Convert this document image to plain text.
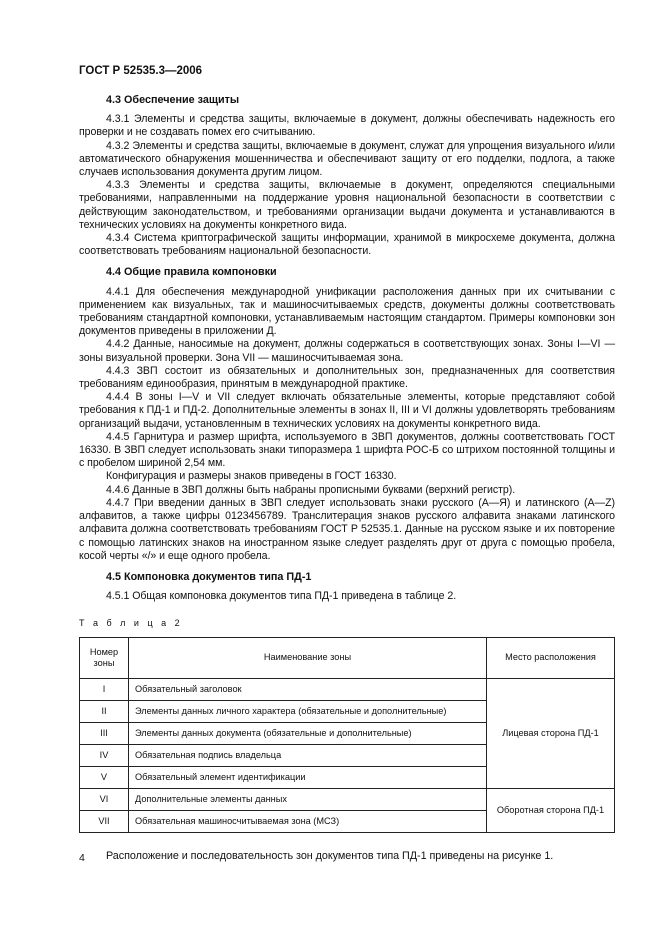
ГОСТ Р 52535.3—2006
4.3 Обеспечение защиты

4.3.1 Элементы и средства защиты, включаемые в документ, должны обеспечивать надежность его проверки и не создавать помех его считыванию.

4.3.2 Элементы и средства защиты, включаемые в документ, служат для упрощения визуального и/или автоматического обнаружения мошенничества и обеспечивают защиту от его подделки, подлога, а также случаев использования документа другим лицом.

4.3.3 Элементы и средства защиты, включаемые в документ, определяются специальными требованиями, направленными на поддержание уровня национальной безопасности в соответствии с действующим законодательством, и требованиями организации выдачи документа и устанавливаются в технических условиях на документы конкретного вида.

4.3.4 Система криптографической защиты информации, хранимой в микросхеме документа, должна соответствовать требованиям национальной безопасности.

4.4 Общие правила компоновки

4.4.1 Для обеспечения международной унификации расположения данных при их считывании с применением как визуальных, так и машиносчитываемых средств, документы должны соответствовать требованиям стандартной компоновки, устанавливаемым настоящим стандартом. Примеры компоновки зон документов приведены в приложении Д.

4.4.2 Данные, наносимые на документ, должны содержаться в соответствующих зонах. Зоны I—VI — зоны визуальной проверки. Зона VII — машиносчитываемая зона.

4.4.3 ЗВП состоит из обязательных и дополнительных зон, предназначенных для соответствия требованиям единообразия, принятым в международной практике.

4.4.4 В зоны I—V и VII следует включать обязательные элементы, которые представляют собой требования к ПД-1 и ПД-2. Дополнительные элементы в зонах II, III и VI должны удовлетворять требованиям организаций выдачи, установленным в технических условиях на документы конкретного вида.

4.4.5 Гарнитура и размер шрифта, используемого в ЗВП документов, должны соответствовать ГОСТ 16330. В ЗВП следует использовать знаки типоразмера 1 шрифта РОС-Б со штрихом постоянной толщины и с пробелом шириной 2,54 мм.

Конфигурация и размеры знаков приведены в ГОСТ 16330.

4.4.6 Данные в ЗВП должны быть набраны прописными буквами (верхний регистр).

4.4.7 При введении данных в ЗВП следует использовать знаки русского (А—Я) и латинского (А—Z) алфавитов, а также цифры 0123456789. Транслитерация знаков русского алфавита знаками латинского алфавита должна соответствовать требованиям ГОСТ Р 52535.1. Данные на русском языке и их повторение с помощью латинских знаков на иностранном языке следует разделять друг от друга с помощью пробела, косой черты «/» и еще одного пробела.

4.5 Компоновка документов типа ПД-1

4.5.1 Общая компоновка документов типа ПД-1 приведена в таблице 2.

Т а б л и ц а 2
Номер зоны	Наименование зоны	Место расположения
I	Обязательный заголовок	Лицевая сторона ПД-1
II	Элементы данных личного характера (обязательные и дополнительные)	
III	Элементы данных документа (обязательные и дополнительные)	
IV	Обязательная подпись владельца	
V	Обязательный элемент идентификации	
VI	Дополнительные элементы данных	Оборотная сторона ПД-1
VII	Обязательная машиносчитываемая зона (МСЗ)	

Расположение и последовательность зон документов типа ПД-1 приведены на рисунке 1.

4
